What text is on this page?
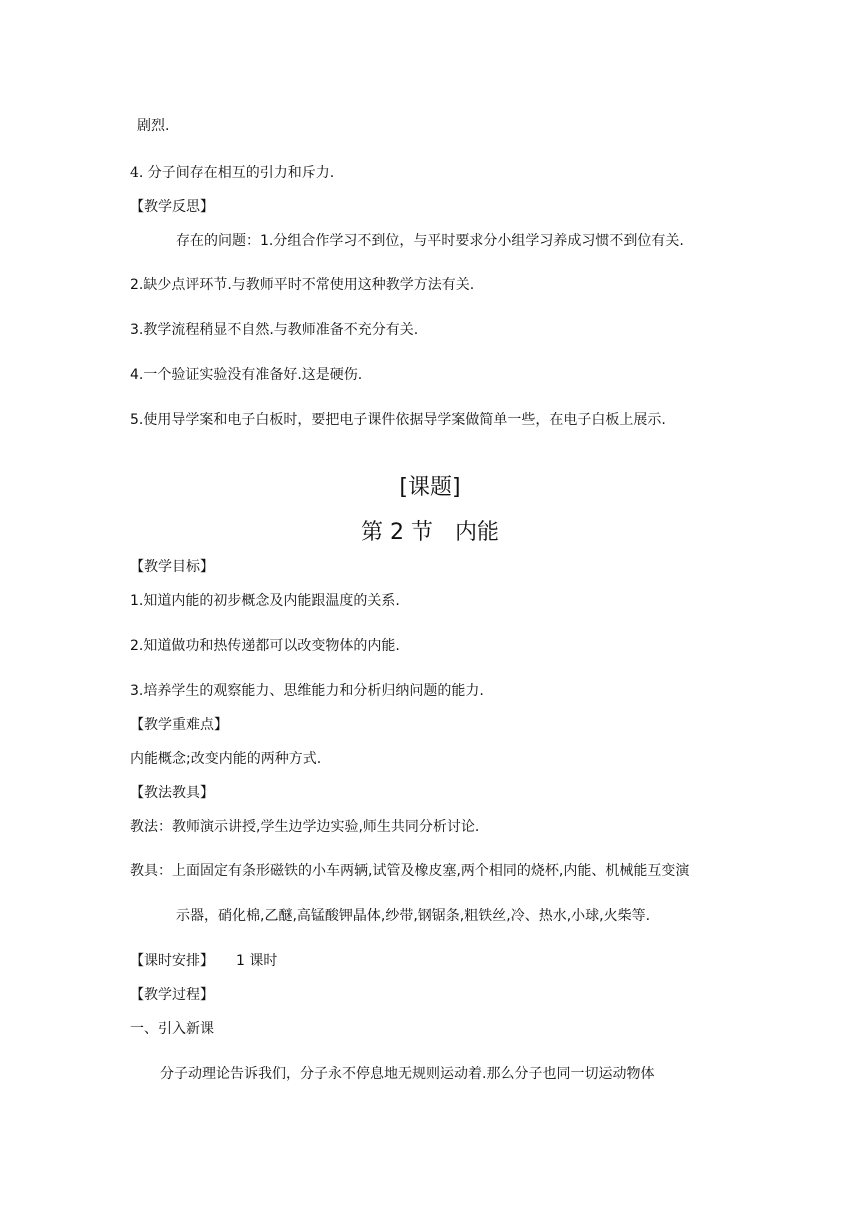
剧烈.
4. 分子间存在相互的引力和斥力.
【教学反思】
存在的问题：1.分组合作学习不到位，与平时要求分小组学习养成习惯不到位有关.
2.缺少点评环节.与教师平时不常使用这种教学方法有关.
3.教学流程稍显不自然.与教师准备不充分有关.
4.一个验证实验没有准备好.这是硬伤.
5.使用导学案和电子白板时，要把电子课件依据导学案做简单一些，在电子白板上展示.
[课题]
第 2 节　内能
【教学目标】
1.知道内能的初步概念及内能跟温度的关系.
2.知道做功和热传递都可以改变物体的内能.
3.培养学生的观察能力、思维能力和分析归纳问题的能力.
【教学重难点】
内能概念;改变内能的两种方式.
【教法教具】
教法：教师演示讲授,学生边学边实验,师生共同分析讨论.
教具：上面固定有条形磁铁的小车两辆,试管及橡皮塞,两个相同的烧杯,内能、机械能互变演
示器，硝化棉,乙醚,高锰酸钾晶体,纱带,钢锯条,粗铁丝,冷、热水,小球,火柴等.
【课时安排】 1 课时
【教学过程】
一、引入新课
分子动理论告诉我们，分子永不停息地无规则运动着.那么分子也同一切运动物体
